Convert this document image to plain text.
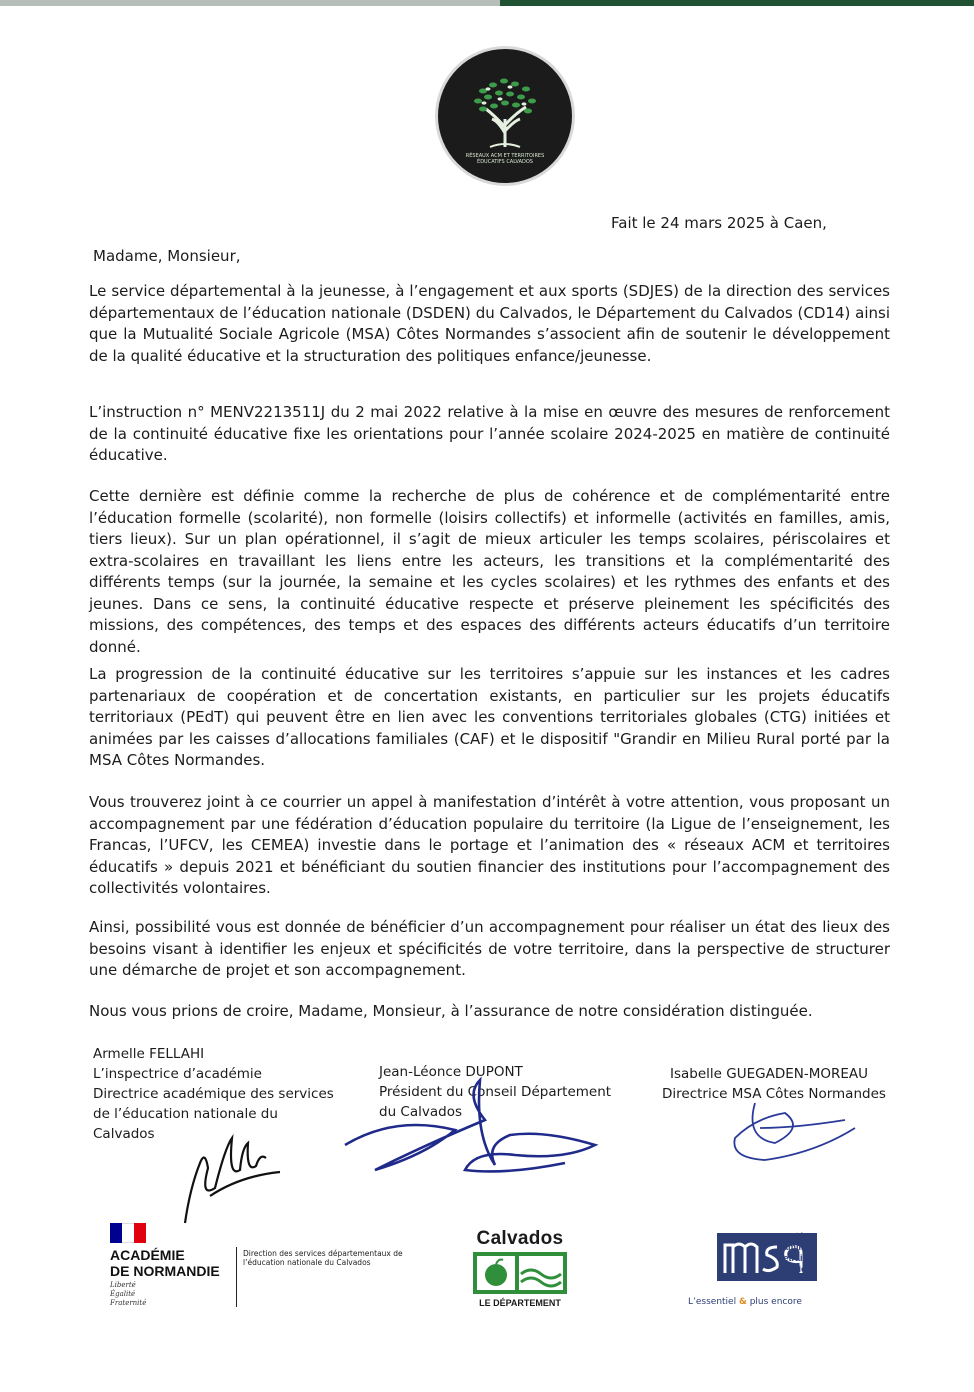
RÉSEAUX ACM ET TERRITOIRES ÉDUCATIFS CALVADOS
Fait le 24 mars 2025 à Caen,
Madame, Monsieur,

Le service départemental à la jeunesse, à l’engagement et aux sports (SDJES) de la direction des services départementaux de l’éducation nationale (DSDEN) du Calvados, le Département du Calvados (CD14) ainsi que la Mutualité Sociale Agricole (MSA) Côtes Normandes s’associent afin de soutenir le développement de la qualité éducative et la structuration des politiques enfance/jeunesse.

L’instruction n° MENV2213511J du 2 mai 2022 relative à la mise en œuvre des mesures de renforcement de la continuité éducative fixe les orientations pour l’année scolaire 2024-2025 en matière de continuité éducative.

Cette dernière est définie comme la recherche de plus de cohérence et de complémentarité entre l’éducation formelle (scolarité), non formelle (loisirs collectifs) et informelle (activités en familles, amis, tiers lieux). Sur un plan opérationnel, il s’agit de mieux articuler les temps scolaires, périscolaires et extra-scolaires en travaillant les liens entre les acteurs, les transitions et la complémentarité des différents temps (sur la journée, la semaine et les cycles scolaires) et les rythmes des enfants et des jeunes. Dans ce sens, la continuité éducative respecte et préserve pleinement les spécificités des missions, des compétences, des temps et des espaces des différents acteurs éducatifs d’un territoire donné.

La progression de la continuité éducative sur les territoires s’appuie sur les instances et les cadres partenariaux de coopération et de concertation existants, en particulier sur les projets éducatifs territoriaux (PEdT) qui peuvent être en lien avec les conventions territoriales globales (CTG) initiées et animées par les caisses d’allocations familiales (CAF) et le dispositif "Grandir en Milieu Rural porté par la MSA Côtes Normandes.

Vous trouverez joint à ce courrier un appel à manifestation d’intérêt à votre attention, vous proposant un accompagnement par une fédération d’éducation populaire du territoire (la Ligue de l’enseignement, les Francas, l’UFCV, les CEMEA) investie dans le portage et l’animation des « réseaux ACM et territoires éducatifs » depuis 2021 et bénéficiant du soutien financier des institutions pour l’accompagnement des collectivités volontaires.

Ainsi, possibilité vous est donnée de bénéficier d’un accompagnement pour réaliser un état des lieux des besoins visant à identifier les enjeux et spécificités de votre territoire, dans la perspective de structurer une démarche de projet et son accompagnement.

Nous vous prions de croire, Madame, Monsieur, à l’assurance de notre considération distinguée.

Armelle FELLAHI
L’inspectrice d’académie
Directrice académique des services
de l’éducation nationale du
Calvados
Jean-Léonce DUPONT
Président du Conseil Département
du Calvados
Isabelle GUEGADEN-MOREAU
Directrice MSA Côtes Normandes
ACADÉMIE
DE NORMANDIE
Liberté
Égalité
Fraternité
Direction des services départementaux de l’éducation nationale du Calvados
Calvados
LE DÉPARTEMENT
santé
famille
retraite
services
L’essentiel & plus encore
